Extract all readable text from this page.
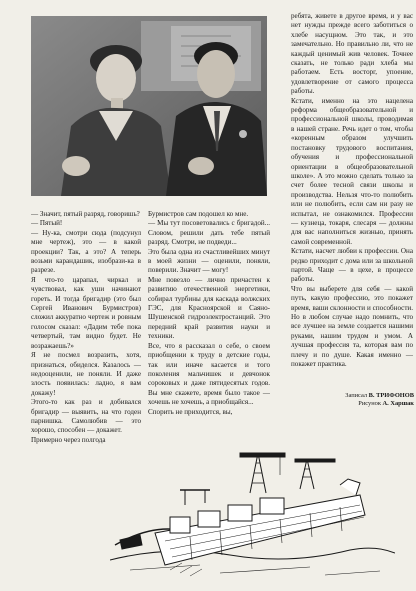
— Значит, пятый разряд, говоришь?
— Пятый!
— Ну-ка, смотри сюда (подсунул мне чертеж), это — в какой проекции? Так, а это? А теперь возьми карандашик, изобрази-ка в разрезе.
Я что-то царапал, чиркал и чувствовал, как уши начинают гореть. И тогда бригадир (это был Сергей Иванович Бурмистров) сложил аккуратно чертеж и ровным голосом сказал: «Дадим тебе пока четвертый, там видно будет. Не возражаешь?»
Я не посмел возразить, хотя, признаться, обиделся. Казалось — недооценили, не поняли. И даже злость появилась: ладно, я вам докажу!
Этого-то как раз и добивался бригадир — выявить, на что годен парнишка. Самолюбив — это хорошо, способен — докажет.
Примерно через полгода
Бурмистров сам подошел ко мне.
— Мы тут посоветовались с бригадой... Словом, решили дать тебе пятый разряд. Смотри, не подведи...
Это была одна из счастливейших минут в моей жизни — оценили, поняли, поверили. Значит — могу!
Мне повезло — лично причастен к развитию отечественной энергетики, собирал турбины для каскада волжских ГЭС, для Красноярской и Саяно-Шушенской гидроэлектростанций. Это передний край развития науки и техники.
Все, что я рассказал о себе, о своем приобщении к труду в детские годы, так или иначе касается и того поколения мальчишек и девчонок сороковых и даже пятидесятых годов. Вы мне скажете, время было такое — хочешь не хочешь, а приобщайся...
Спорить не приходится, вы,
ребята, живете в другое время, и у вас нет нужды прежде всего заботиться о хлебе насущном. Это так, и это замечательно. Но правильно ли, что не каждый ценимый жив человек. Точнее сказать, не только ради хлеба мы работаем. Есть восторг, упоение, удовлетворение от самого процесса работы.
Кстати, именно на это нацелена реформа общеобразовательной и профессиональной школы, проводимая в нашей стране. Речь идет о том, чтобы «коренным образом улучшить постановку трудового воспитания, обучения и профессиональной ориентации в общеобразовательной школе». А это можно сделать только за счет более тесной связи школы и производства. Нельзя что-то полюбить или не полюбить, если сам ни разу не испытал, не ознакомился. Профессии — кузнеца, токаря, слесаря — должны для вас наполниться жизнью, принять самой современной.
Кстати, насчет любви к профессии. Она редко приходит с дома или за школьной партой. Чаще — в цехе, в процессе работы.
Что вы выберете для себя — какой путь, какую профессию, это покажет время, ваши склонности и способности. Но в любом случае надо помнить, что все лучшее на земле создается нашими руками, нашим трудом и умом. А лучшая профессия та, которая вам по плечу и по душе. Какая именно — покажет практика.
Записал В. ТРИФОНОВ
Рисунок А. Харшак
